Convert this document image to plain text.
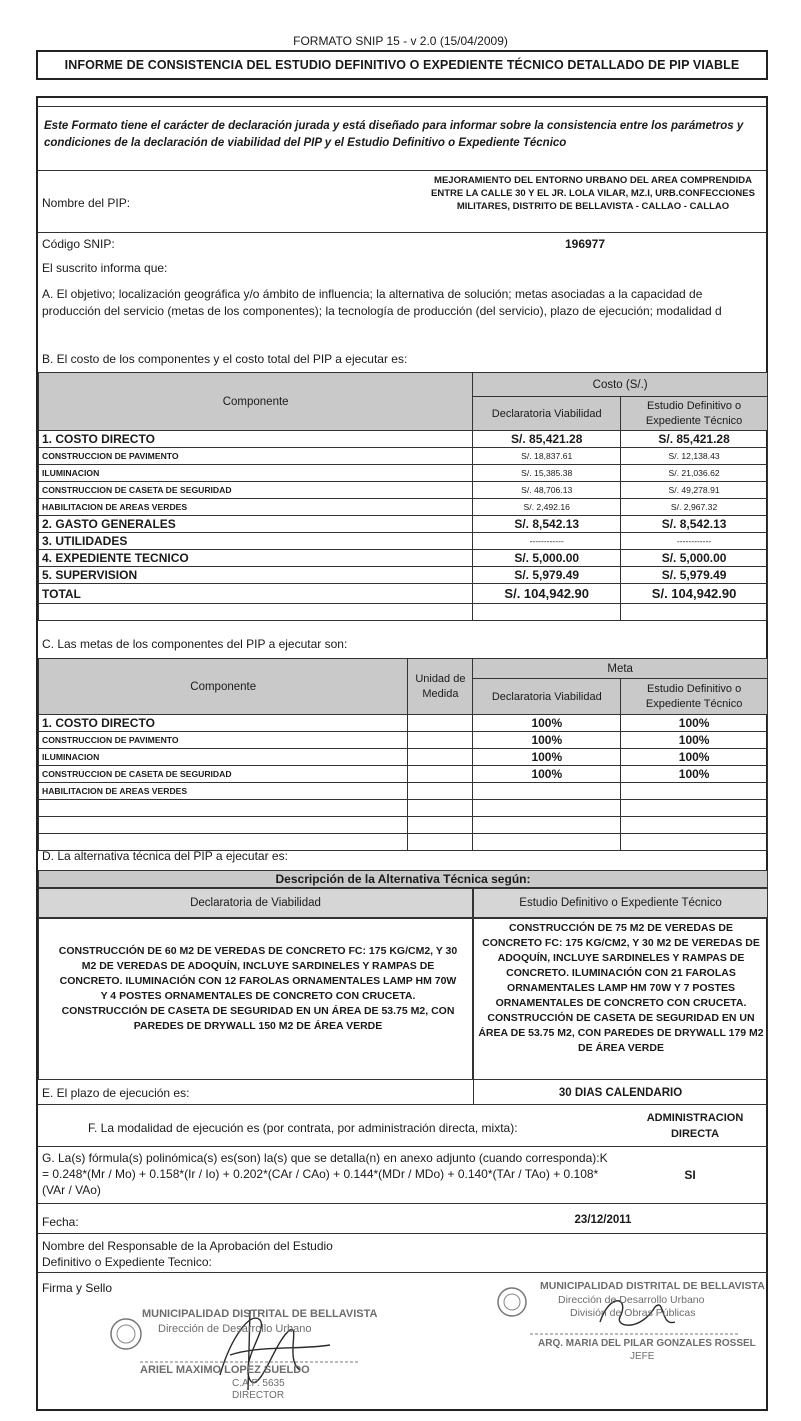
FORMATO SNIP 15 - v 2.0 (15/04/2009)
INFORME DE CONSISTENCIA DEL ESTUDIO DEFINITIVO O EXPEDIENTE TÉCNICO DETALLADO DE PIP VIABLE
Este Formato tiene el carácter de declaración jurada y está diseñado para informar sobre la consistencia entre los parámetros y condiciones de la declaración de viabilidad del PIP y el Estudio Definitivo o Expediente Técnico
Nombre del PIP:
MEJORAMIENTO DEL ENTORNO URBANO DEL AREA COMPRENDIDA ENTRE LA CALLE 30 Y EL JR. LOLA VILAR, MZ.I, URB.CONFECCIONES MILITARES, DISTRITO DE BELLAVISTA - CALLAO - CALLAO
Código SNIP:	196977
El suscrito informa que:
A. El objetivo; localización geográfica y/o ámbito de influencia; la alternativa de solución; metas asociadas a la capacidad de producción del servicio (metas de los componentes); la tecnología de producción (del servicio), plazo de ejecución; modalidad d
B. El costo de los componentes y el costo total del PIP a ejecutar es:
Componente	Costo (S/.)	
	Declaratoria Viabilidad	Estudio Definitivo o Expediente Técnico
1. COSTO DIRECTO	S/. 85,421.28	S/. 85,421.28
CONSTRUCCION DE PAVIMENTO	S/. 18,837.61	S/. 12,138.43
ILUMINACION	S/. 15,385.38	S/. 21,036.62
CONSTRUCCION DE CASETA DE SEGURIDAD	S/. 48,706.13	S/. 49,278.91
HABILITACION DE AREAS VERDES	S/. 2,492.16	S/. 2,967.32
2. GASTO GENERALES	S/. 8,542.13	S/. 8,542.13
3. UTILIDADES	------------	------------
4. EXPEDIENTE TECNICO	S/. 5,000.00	S/. 5,000.00
5. SUPERVISION	S/. 5,979.49	S/. 5,979.49
TOTAL	S/. 104,942.90	S/. 104,942.90

C. Las metas de los componentes del PIP a ejecutar son:
Componente	Unidad de Medida	Meta	
		Declaratoria Viabilidad	Estudio Definitivo o Expediente Técnico
1. COSTO DIRECTO		100%	100%
CONSTRUCCION DE PAVIMENTO		100%	100%
ILUMINACION		100%	100%
CONSTRUCCION DE CASETA DE SEGURIDAD		100%	100%
HABILITACION DE AREAS VERDES			

D. La alternativa técnica del PIP a ejecutar es:
Descripción de la Alternativa Técnica según:
Declaratoria de Viabilidad	Estudio Definitivo o Expediente Técnico
CONSTRUCCIÓN DE 60 M2 DE VEREDAS DE CONCRETO FC: 175 KG/CM2, Y 30 M2 DE VEREDAS DE ADOQUÍN, INCLUYE SARDINELES Y RAMPAS DE CONCRETO. ILUMINACIÓN CON 12 FAROLAS ORNAMENTALES LAMP HM 70W Y 4 POSTES ORNAMENTALES DE CONCRETO CON CRUCETA. CONSTRUCCIÓN DE CASETA DE SEGURIDAD EN UN ÁREA DE 53.75 M2, CON PAREDES DE DRYWALL 150 M2 DE ÁREA VERDE
CONSTRUCCIÓN DE 75 M2 DE VEREDAS DE CONCRETO FC: 175 KG/CM2, Y 30 M2 DE VEREDAS DE ADOQUÍN, INCLUYE SARDINELES Y RAMPAS DE CONCRETO. ILUMINACIÓN CON 21 FAROLAS ORNAMENTALES LAMP HM 70W Y 7 POSTES ORNAMENTALES DE CONCRETO CON CRUCETA. CONSTRUCCIÓN DE CASETA DE SEGURIDAD EN UN ÁREA DE 53.75 M2, CON PAREDES DE DRYWALL 179 M2 DE ÁREA VERDE
E. El plazo de ejecución es:	30 DIAS CALENDARIO
F. La modalidad de ejecución es (por contrata, por administración directa, mixta):
ADMINISTRACION DIRECTA
G. La(s) fórmula(s) polinómica(s) es(son) la(s) que se detalla(n) en anexo adjunto (cuando corresponda):K = 0.248*(Mr / Mo) + 0.158*(Ir / Io) + 0.202*(CAr / CAo) + 0.144*(MDr / MDo) + 0.140*(TAr / TAo) + 0.108*(VAr / VAo)
SI
Fecha:	23/12/2011
Nombre del Responsable de la Aprobación del Estudio Definitivo o Expediente Tecnico:
Firma y Sello
MUNICIPALIDAD DISTRITAL DE BELLAVISTA
Dirección de Desarrollo Urbano
ARIEL MAXIMO LOPEZ SUELDO
C.A.P. 5635
DIRECTOR
MUNICIPALIDAD DISTRITAL DE BELLAVISTA
Dirección de Desarrollo Urbano
División de Obras Públicas
ARQ. MARIA DEL PILAR GONZALES ROSSEL
JEFE
